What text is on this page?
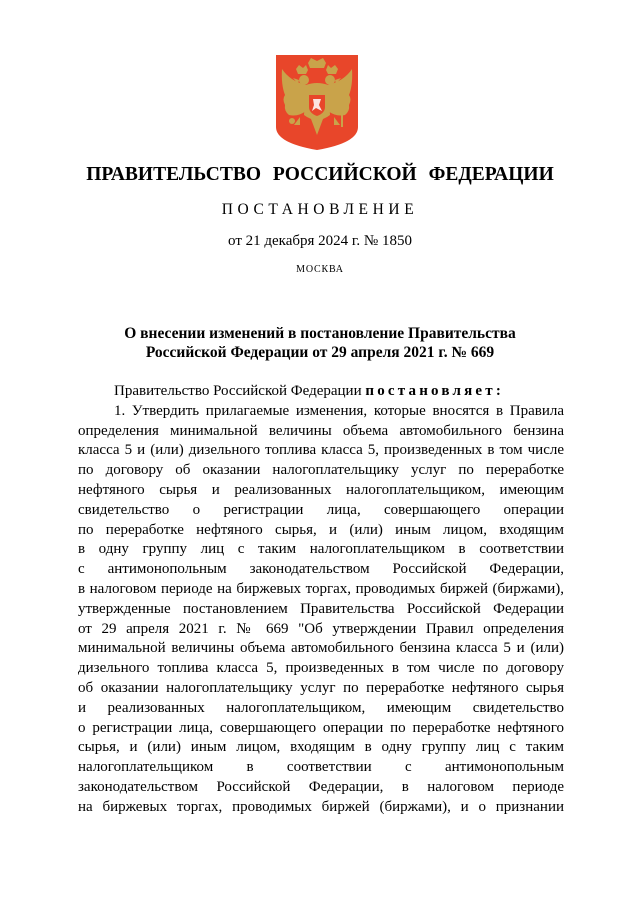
ПРАВИТЕЛЬСТВО РОССИЙСКОЙ ФЕДЕРАЦИИ
ПОСТАНОВЛЕНИЕ
от 21 декабря 2024 г. № 1850
МОСКВА
О внесении изменений в постановление Правительства
Российской Федерации от 29 апреля 2021 г. № 669
Правительство Российской Федерации постановляет:
1. Утвердить прилагаемые изменения, которые вносятся в Правила
определения минимальной величины объема автомобильного бензина
класса 5 и (или) дизельного топлива класса 5, произведенных в том числе
по договору об оказании налогоплательщику услуг по переработке
нефтяного сырья и реализованных налогоплательщиком, имеющим
свидетельство о регистрации лица, совершающего операции
по переработке нефтяного сырья, и (или) иным лицом, входящим
в одну группу лиц с таким налогоплательщиком в соответствии
с антимонопольным законодательством Российской Федерации,
в налоговом периоде на биржевых торгах, проводимых биржей (биржами),
утвержденные постановлением Правительства Российской Федерации
от 29 апреля 2021 г. № 669 "Об утверждении Правил определения
минимальной величины объема автомобильного бензина класса 5 и (или)
дизельного топлива класса 5, произведенных в том числе по договору
об оказании налогоплательщику услуг по переработке нефтяного сырья
и реализованных налогоплательщиком, имеющим свидетельство
о регистрации лица, совершающего операции по переработке нефтяного
сырья, и (или) иным лицом, входящим в одну группу лиц с таким
налогоплательщиком в соответствии с антимонопольным
законодательством Российской Федерации, в налоговом периоде
на биржевых торгах, проводимых биржей (биржами), и о признании
